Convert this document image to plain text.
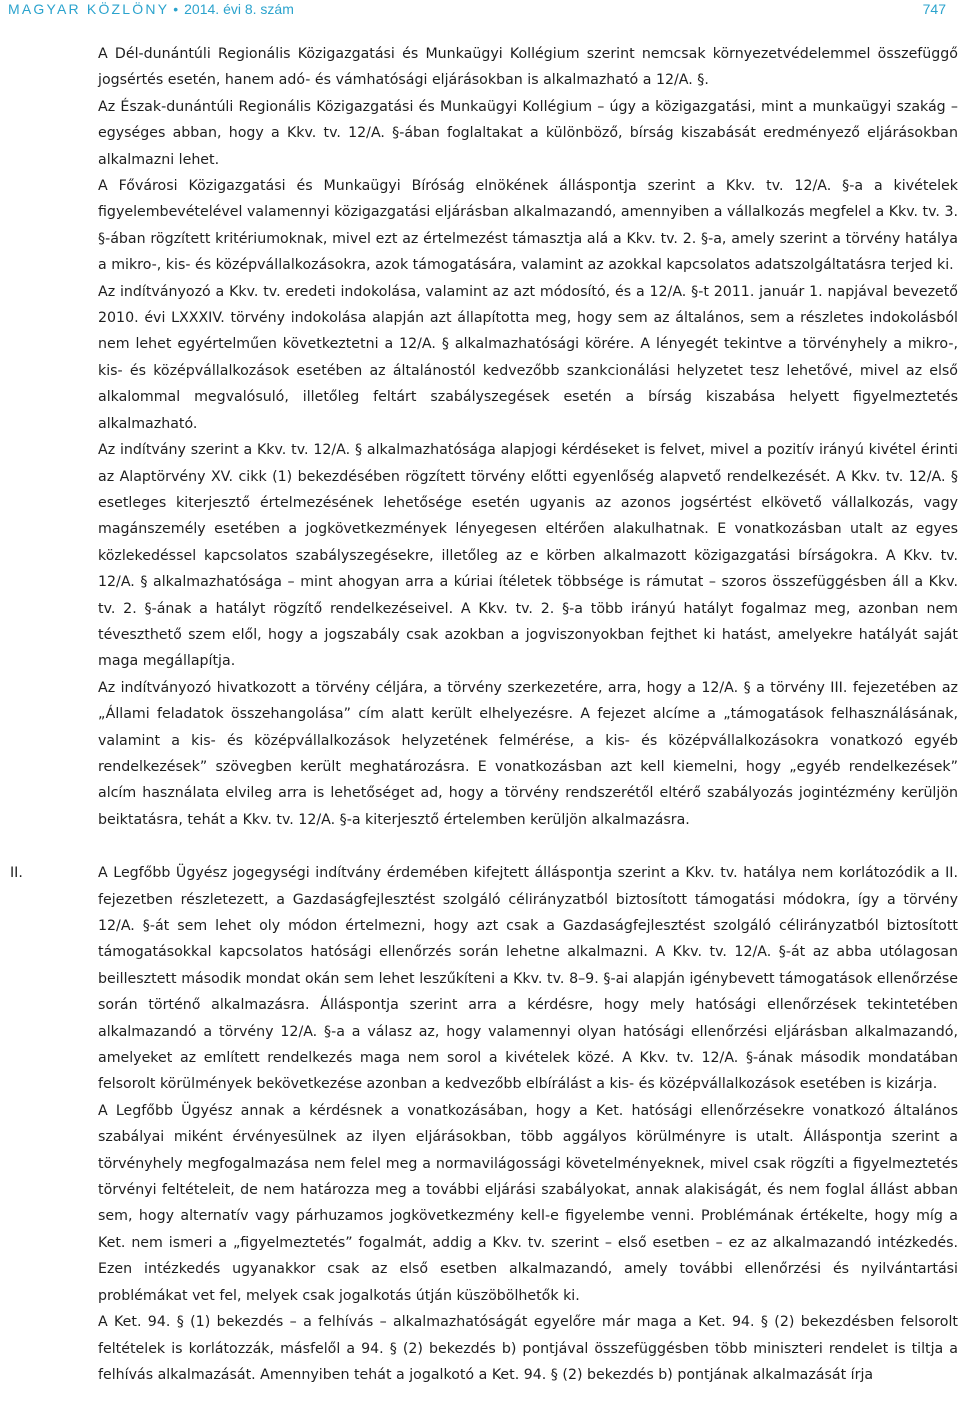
MAGYAR KÖZLÖNY • 2014. évi 8. szám	747

A Dél-dunántúli Regionális Közigazgatási és Munkaügyi Kollégium szerint nemcsak környezetvédelemmel összefüggő jogsértés esetén, hanem adó- és vámhatósági eljárásokban is alkalmazható a 12/A. §.

Az Észak-dunántúli Regionális Közigazgatási és Munkaügyi Kollégium – úgy a közigazgatási, mint a munkaügyi szakág – egységes abban, hogy a Kkv. tv. 12/A. §-ában foglaltakat a különböző, bírság kiszabását eredményező eljárásokban alkalmazni lehet.

A Fővárosi Közigazgatási és Munkaügyi Bíróság elnökének álláspontja szerint a Kkv. tv. 12/A. §-a a kivételek figyelembevételével valamennyi közigazgatási eljárásban alkalmazandó, amennyiben a vállalkozás megfelel a Kkv. tv. 3. §-ában rögzített kritériumoknak, mivel ezt az értelmezést támasztja alá a Kkv. tv. 2. §-a, amely szerint a törvény hatálya a mikro-, kis- és középvállalkozásokra, azok támogatására, valamint az azokkal kapcsolatos adatszolgáltatásra terjed ki.

Az indítványozó a Kkv. tv. eredeti indokolása, valamint az azt módosító, és a 12/A. §-t 2011. január 1. napjával bevezető 2010. évi LXXXIV. törvény indokolása alapján azt állapította meg, hogy sem az általános, sem a részletes indokolásból nem lehet egyértelműen következtetni a 12/A. § alkalmazhatósági körére. A lényegét tekintve a törvényhely a mikro-, kis- és középvállalkozások esetében az általánostól kedvezőbb szankcionálási helyzetet tesz lehetővé, mivel az első alkalommal megvalósuló, illetőleg feltárt szabályszegések esetén a bírság kiszabása helyett figyelmeztetés alkalmazható.

Az indítvány szerint a Kkv. tv. 12/A. § alkalmazhatósága alapjogi kérdéseket is felvet, mivel a pozitív irányú kivétel érinti az Alaptörvény XV. cikk (1) bekezdésében rögzített törvény előtti egyenlőség alapvető rendelkezését. A Kkv. tv. 12/A. § esetleges kiterjesztő értelmezésének lehetősége esetén ugyanis az azonos jogsértést elkövető vállalkozás, vagy magánszemély esetében a jogkövetkezmények lényegesen eltérően alakulhatnak. E vonatkozásban utalt az egyes közlekedéssel kapcsolatos szabályszegésekre, illetőleg az e körben alkalmazott közigazgatási bírságokra. A Kkv. tv. 12/A. § alkalmazhatósága – mint ahogyan arra a kúriai ítéletek többsége is rámutat – szoros összefüggésben áll a Kkv. tv. 2. §-ának a hatályt rögzítő rendelkezéseivel. A Kkv. tv. 2. §-a több irányú hatályt fogalmaz meg, azonban nem téveszthető szem elől, hogy a jogszabály csak azokban a jogviszonyokban fejthet ki hatást, amelyekre hatályát saját maga megállapítja.

Az indítványozó hivatkozott a törvény céljára, a törvény szerkezetére, arra, hogy a 12/A. § a törvény III. fejezetében az „Állami feladatok összehangolása” cím alatt került elhelyezésre. A fejezet alcíme a „támogatások felhasználásának, valamint a kis- és középvállalkozások helyzetének felmérése, a kis- és középvállalkozásokra vonatkozó egyéb rendelkezések” szövegben került meghatározásra. E vonatkozásban azt kell kiemelni, hogy „egyéb rendelkezések” alcím használata elvileg arra is lehetőséget ad, hogy a törvény rendszerétől eltérő szabályozás jogintézmény kerüljön beiktatásra, tehát a Kkv. tv. 12/A. §-a kiterjesztő értelemben kerüljön alkalmazásra.

II.	A Legfőbb Ügyész jogegységi indítvány érdemében kifejtett álláspontja szerint a Kkv. tv. hatálya nem korlátozódik a II. fejezetben részletezett, a Gazdaságfejlesztést szolgáló célirányzatból biztosított támogatási módokra, így a törvény 12/A. §-át sem lehet oly módon értelmezni, hogy azt csak a Gazdaságfejlesztést szolgáló célirányzatból biztosított támogatásokkal kapcsolatos hatósági ellenőrzés során lehetne alkalmazni. A Kkv. tv. 12/A. §-át az abba utólagosan beillesztett második mondat okán sem lehet leszűkíteni a Kkv. tv. 8–9. §-ai alapján igénybevett támogatások ellenőrzése során történő alkalmazásra. Álláspontja szerint arra a kérdésre, hogy mely hatósági ellenőrzések tekintetében alkalmazandó a törvény 12/A. §-a a válasz az, hogy valamennyi olyan hatósági ellenőrzési eljárásban alkalmazandó, amelyeket az említett rendelkezés maga nem sorol a kivételek közé. A Kkv. tv. 12/A. §-ának második mondatában felsorolt körülmények bekövetkezése azonban a kedvezőbb elbírálást a kis- és középvállalkozások esetében is kizárja.

A Legfőbb Ügyész annak a kérdésnek a vonatkozásában, hogy a Ket. hatósági ellenőrzésekre vonatkozó általános szabályai miként érvényesülnek az ilyen eljárásokban, több aggályos körülményre is utalt. Álláspontja szerint a törvényhely megfogalmazása nem felel meg a normavilágossági követelményeknek, mivel csak rögzíti a figyelmeztetés törvényi feltételeit, de nem határozza meg a további eljárási szabályokat, annak alakiságát, és nem foglal állást abban sem, hogy alternatív vagy párhuzamos jogkövetkezmény kell-e figyelembe venni. Problémának értékelte, hogy míg a Ket. nem ismeri a „figyelmeztetés” fogalmát, addig a Kkv. tv. szerint – első esetben – ez az alkalmazandó intézkedés. Ezen intézkedés ugyanakkor csak az első esetben alkalmazandó, amely további ellenőrzési és nyilvántartási problémákat vet fel, melyek csak jogalkotás útján küszöbölhetők ki.

A Ket. 94. § (1) bekezdés – a felhívás – alkalmazhatóságát egyelőre már maga a Ket. 94. § (2) bekezdésben felsorolt feltételek is korlátozzák, másfelől a 94. § (2) bekezdés b) pontjával összefüggésben több miniszteri rendelet is tiltja a felhívás alkalmazását. Amennyiben tehát a jogalkotó a Ket. 94. § (2) bekezdés b) pontjának alkalmazását írja
